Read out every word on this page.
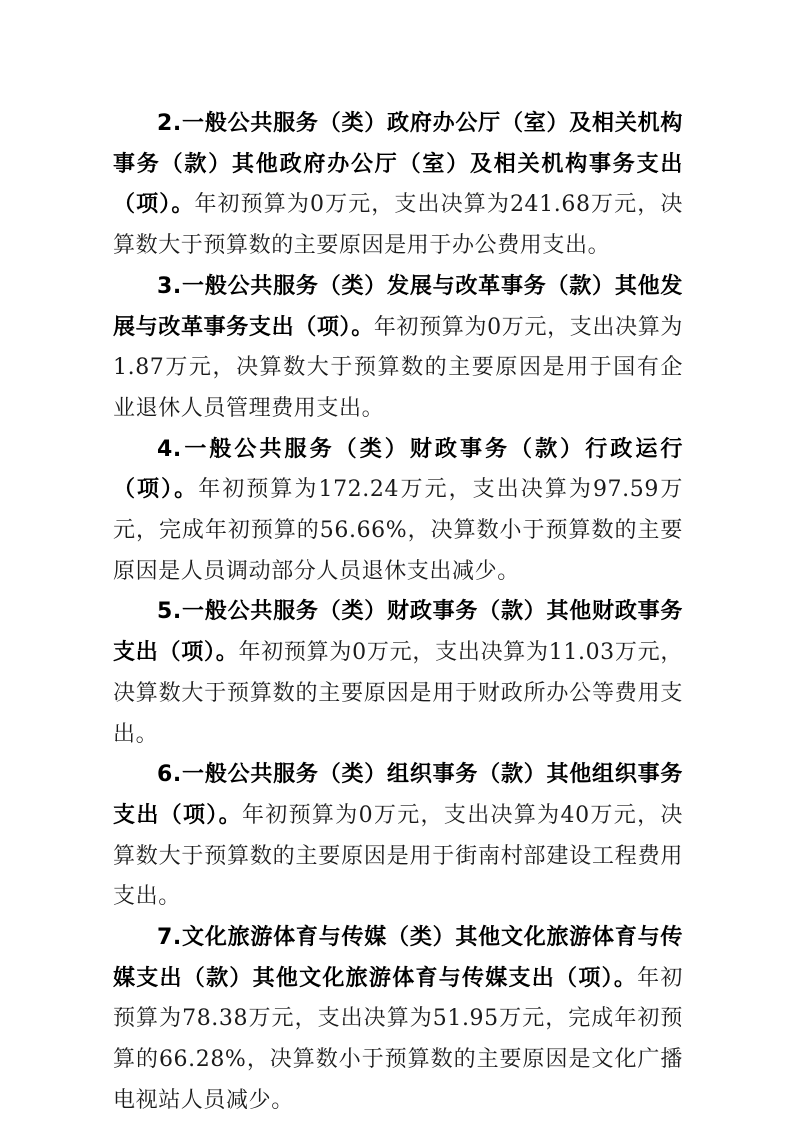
2.一般公共服务（类）政府办公厅（室）及相关机构事务（款）其他政府办公厅（室）及相关机构事务支出（项）。年初预算为0万元，支出决算为241.68万元，决算数大于预算数的主要原因是用于办公费用支出。

3.一般公共服务（类）发展与改革事务（款）其他发展与改革事务支出（项）。年初预算为0万元，支出决算为1.87万元，决算数大于预算数的主要原因是用于国有企业退休人员管理费用支出。

4.一般公共服务（类）财政事务（款）行政运行（项）。年初预算为172.24万元，支出决算为97.59万元，完成年初预算的56.66%，决算数小于预算数的主要原因是人员调动部分人员退休支出减少。

5.一般公共服务（类）财政事务（款）其他财政事务支出（项）。年初预算为0万元，支出决算为11.03万元，决算数大于预算数的主要原因是用于财政所办公等费用支出。

6.一般公共服务（类）组织事务（款）其他组织事务支出（项）。年初预算为0万元，支出决算为40万元，决算数大于预算数的主要原因是用于街南村部建设工程费用支出。

7.文化旅游体育与传媒（类）其他文化旅游体育与传媒支出（款）其他文化旅游体育与传媒支出（项）。年初预算为78.38万元，支出决算为51.95万元，完成年初预算的66.28%，决算数小于预算数的主要原因是文化广播电视站人员减少。
